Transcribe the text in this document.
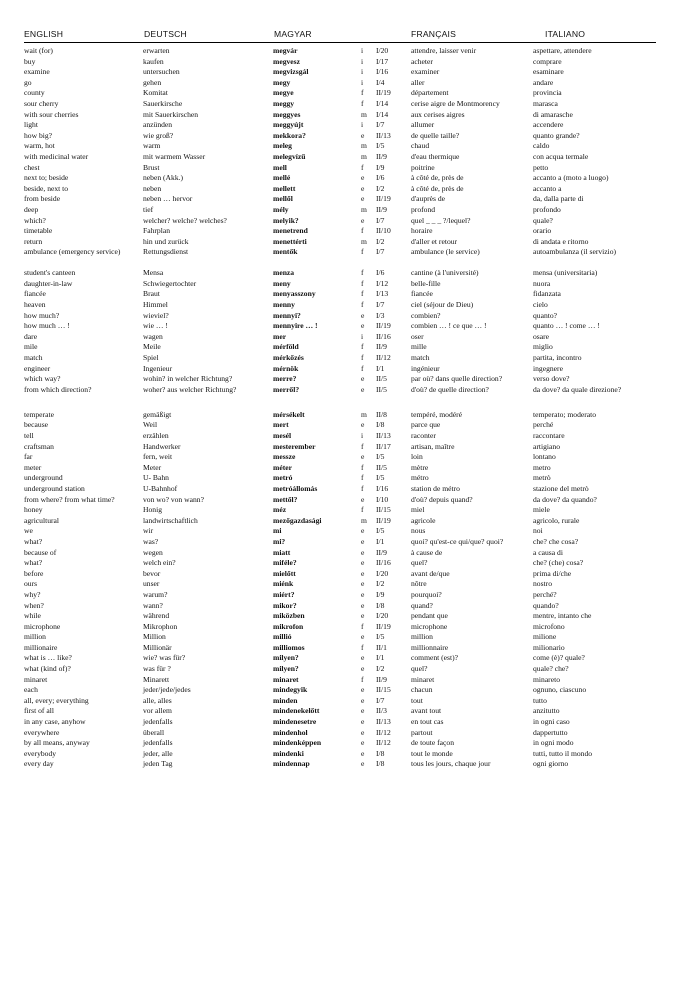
ENGLISH	DEUTSCH	MAGYAR	FRANÇAIS	ITALIANO
wait (for)	erwarten	megvár	i	I/20	attendre, laisser venir	aspettare, attendere
buy	kaufen	megvesz	i	I/17	acheter	comprare
examine	untersuchen	megvizsgál	i	I/16	examiner	esaminare
go	gehen	megy	i	I/4	aller	andare
county	Komitat	megye	f	II/19	département	provincia
sour cherry	Sauerkirsche	meggy	f	I/14	cerise aigre de Montmorency	marasca
with sour cherries	mit Sauerkirschen	meggyes	m	I/14	aux cerises aigres	di amarasche
light	anzünden	meggyújt	i	I/7	allumer	accendere
how big?	wie groß?	mekkora?	e	II/13	de quelle taille?	quanto grande?
warm, hot	warm	meleg	m	I/5	chaud	caldo
with medicinal water	mit warmem Wasser	melegvízű	m	II/9	d'eau thermique	con acqua termale
chest	Brust	mell	f	I/9	poitrine	petto
next to; beside	neben (Akk.)	mellé	e	I/6	à côté de, près de	accanto a (moto a luogo)
beside, next to	neben	mellett	e	I/2	à côté de, près de	accanto a
from beside	neben … hervor	mellől	e	II/19	d'auprès de	da, dalla parte di
deep	tief	mély	m	II/9	profond	profondo
which?	welcher? welche? welches?	melyik?	e	I/7	quel _ _ _ ?/lequel?	quale?
timetable	Fahrplan	menetrend	f	II/10	horaire	orario
return	hin und zurück	menettérti	m	I/2	d'aller et retour	di andata e ritorno
ambulance (emergency service)	Rettungsdienst	mentők	f	I/7	ambulance (le service)	autoambulanza (il servizio)
student's canteen	Mensa	menza	f	I/6	cantine (à l'université)	mensa (universitaria)
daughter-in-law	Schwiegertochter	meny	f	I/12	belle-fille	nuora
fiancée	Braut	menyasszony	f	I/13	fiancée	fidanzata
heaven	Himmel	menny	f	I/7	ciel (séjour de Dieu)	cielo
how much?	wieviel?	mennyi?	e	I/3	combien?	quanto?
how much … !	wie … !	mennyire … !	e	II/19	combien … ! ce que … !	quanto … ! come … !
dare	wagen	mer	i	II/16	oser	osare
mile	Meile	mérföld	f	II/9	mille	miglio
match	Spiel	mérkőzés	f	II/12	match	partita, incontro
engineer	Ingenieur	mérnök	f	I/1	ingénieur	ingegnere
which way?	wohin? in welcher Richtung?	merre?	e	II/5	par où? dans quelle direction?	verso dove?
from which direction?	woher? aus welcher Richtung?	merről?	e	II/5	d'où? de quelle direction?	da dove? da quale direzione?
temperate	gemäßigt	mérsékelt	m	II/8	tempéré, modéré	temperato; moderato
because	Weil	mert	e	I/8	parce que	perché
tell	erzählen	mesél	i	II/13	raconter	raccontare
craftsman	Handwerker	mesterember	f	II/17	artisan, maître	artigiano
far	fern, weit	messze	e	I/5	loin	lontano
meter	Meter	méter	f	II/5	mètre	metro
underground	U- Bahn	metró	f	I/5	métro	metrò
underground station	U-Bahnhof	metróállomás	f	I/16	station de métro	stazione del metrò
from where? from what time?	von wo? von wann?	mettől?	e	I/10	d'où? depuis quand?	da dove? da quando?
honey	Honig	méz	f	II/15	miel	miele
agricultural	landwirtschaftlich	mezőgazdasági	m	II/19	agricole	agricolo, rurale
we	wir	mi	e	I/5	nous	noi
what?	was?	mi?	e	I/1	quoi? qu'est-ce qui/que? quoi?	che? che cosa?
because of	wegen	miatt	e	II/9	à cause de	a causa di
what?	welch ein?	miféle?	e	II/16	quel?	che? (che) cosa?
before	bevor	mielőtt	e	I/20	avant de/que	prima di/che
ours	unser	miénk	e	I/2	nôtre	nostro
why?	warum?	miért?	e	I/9	pourquoi?	perché?
when?	wann?	mikor?	e	I/8	quand?	quando?
while	während	miközben	e	I/20	pendant que	mentre, intanto che
microphone	Mikrophon	mikrofon	f	II/19	microphone	microfono
million	Million	millió	e	I/5	million	milione
millionaire	Millionär	milliomos	f	II/1	millionnaire	milionario
what is … like?	wie? was für?	milyen?	e	I/1	comment (est)?	come (è)? quale?
what (kind of)?	was für ?	milyen?	e	I/2	quel?	quale? che?
minaret	Minarett	minaret	f	II/9	minaret	minareto
each	jeder/jede/jedes	mindegyik	e	II/15	chacun	ognuno, ciascuno
all, every; everything	alle, alles	minden	e	I/7	tout	tutto
first of all	vor allem	mindenekelőtt	e	II/3	avant tout	anzitutto
in any case, anyhow	jedenfalls	mindenesetre	e	II/13	en tout cas	in ogni caso
everywhere	überall	mindenhol	e	II/12	partout	dappertutto
by all means, anyway	jedenfalls	mindenképpen	e	II/12	de toute façon	in ogni modo
everybody	jeder, alle	mindenki	e	I/8	tout le monde	tutti, tutto il mondo
every day	jeden Tag	mindennap	e	I/8	tous les jours, chaque jour	ogni giorno
